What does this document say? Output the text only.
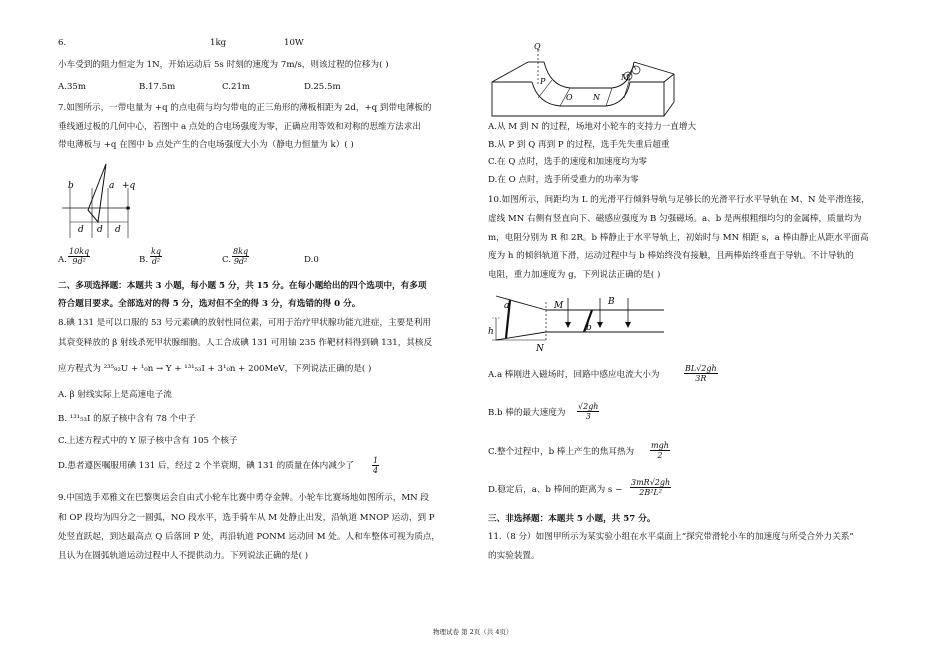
6.	1kg	10W
小车受到的阻力恒定为 1N，开始运动后 5s 时刻的速度为 7m/s，则该过程的位移为( )
A.35m	B.17.5m	C.21m	D.25.5m
7.如图所示，一带电量为 +q 的点电荷与均匀带电的正三角形的薄板相距为 2d，+q 到带电薄板的
垂线通过板的几何中心，若图中 a 点处的合电场强度为零，正确应用等效和对称的思维方法求出
带电薄板与 +q 在图中 b 点处产生的合电场强度大小为（静电力恒量为 k）( )
b	a +q
d d d
A. $\frac{10kq}{\text{9d²}}$	B. $\frac{kq}{\text{d²}}$	C. $\frac{8kq}{\text{9d²}}$	D.0
二、多项选择题：本题共 3 小题，每小题 5 分，共 15 分。在每小题给出的四个选项中，有多项
符合题目要求。全部选对的得 5 分，选对但不全的得 3 分，有选错的得 0 分。
8.碘 131 是可以口服的 53 号元素碘的放射性同位素，可用于治疗甲状腺功能亢进症，主要是利用
其衰变释放的 β 射线杀死甲状腺细胞。人工合成碘 131 可用铀 235 作靶材料得到碘 131，其核反
应方程式为 ²³⁵₉₂U + ¹₀n → Y + ¹³¹₅₃I + 3¹₀n + 200MeV，下列说法正确的是( )
A. β 射线实际上是高速电子流
B. ¹³¹₅₃I 的原子核中含有 78 个中子
C.上述方程式中的 Y 原子核中含有 105 个核子
D.患者遵医嘱服用碘 131 后，经过 2 个半衰期，碘 131 的质量在体内减少了 $\frac{1}{4}$
9.中国选手邓雅文在巴黎奥运会自由式小轮车比赛中勇夺金牌。小轮车比赛场地如图所示，MN 段
和 OP 段均为四分之一圆弧，NO 段水平，选手骑车从 M 处静止出发，沿轨道 MNOP 运动，到 P
处竖直跃起，到达最高点 Q 后落回 P 处，再沿轨道 PONM 运动回 M 处。人和车整体可视为质点，
且认为在圆弧轨道运动过程中人不提供动力。下列说法正确的是( )
Q
P
O	N
M
A.从 M 到 N 的过程，场地对小轮车的支持力一直增大
B.从 P 到 Q 再到 P 的过程，选手先失重后超重
C.在 Q 点时，选手的速度和加速度均为零
D.在 O 点时，选手所受重力的功率为零
10.如图所示，间距均为 L 的光滑平行倾斜导轨与足够长的光滑平行水平导轨在 M、N 处平滑连接，
虚线 MN 右侧有竖直向下、磁感应强度为 B 匀强磁场。a、b 是两根粗细均匀的金属棒，质量均为
m，电阻分别为 R 和 2R。b 棒静止于水平导轨上，初始时与 MN 相距 s，a 棒由静止从距水平面高
度为 h 的倾斜轨道下滑，运动过程中与 b 棒始终没有接触，且两棒始终垂直于导轨。不计导轨的
电阻，重力加速度为 g，下列说法正确的是( )
a	M	B
b
h
N
A.a 棒刚进入磁场时，回路中感应电流大小为	$\frac{BL√2gh}{3R}$
B.b 棒的最大速度为 $\frac{√2gh}{3}$
C.整个过程中，b 棒上产生的焦耳热为
mgh
2
D.稳定后，a、b 棒间的距离为 $s - \frac{3mR√2gh}{\text{2B²L²}}$
三、非选择题：本题共 5 小题，共 57 分。
11.（8 分）如图甲所示为某实验小组在水平桌面上“探究带滑轮小车的加速度与所受合外力关系”
的实验装置。
物理试卷 第 2页（共 4页）
